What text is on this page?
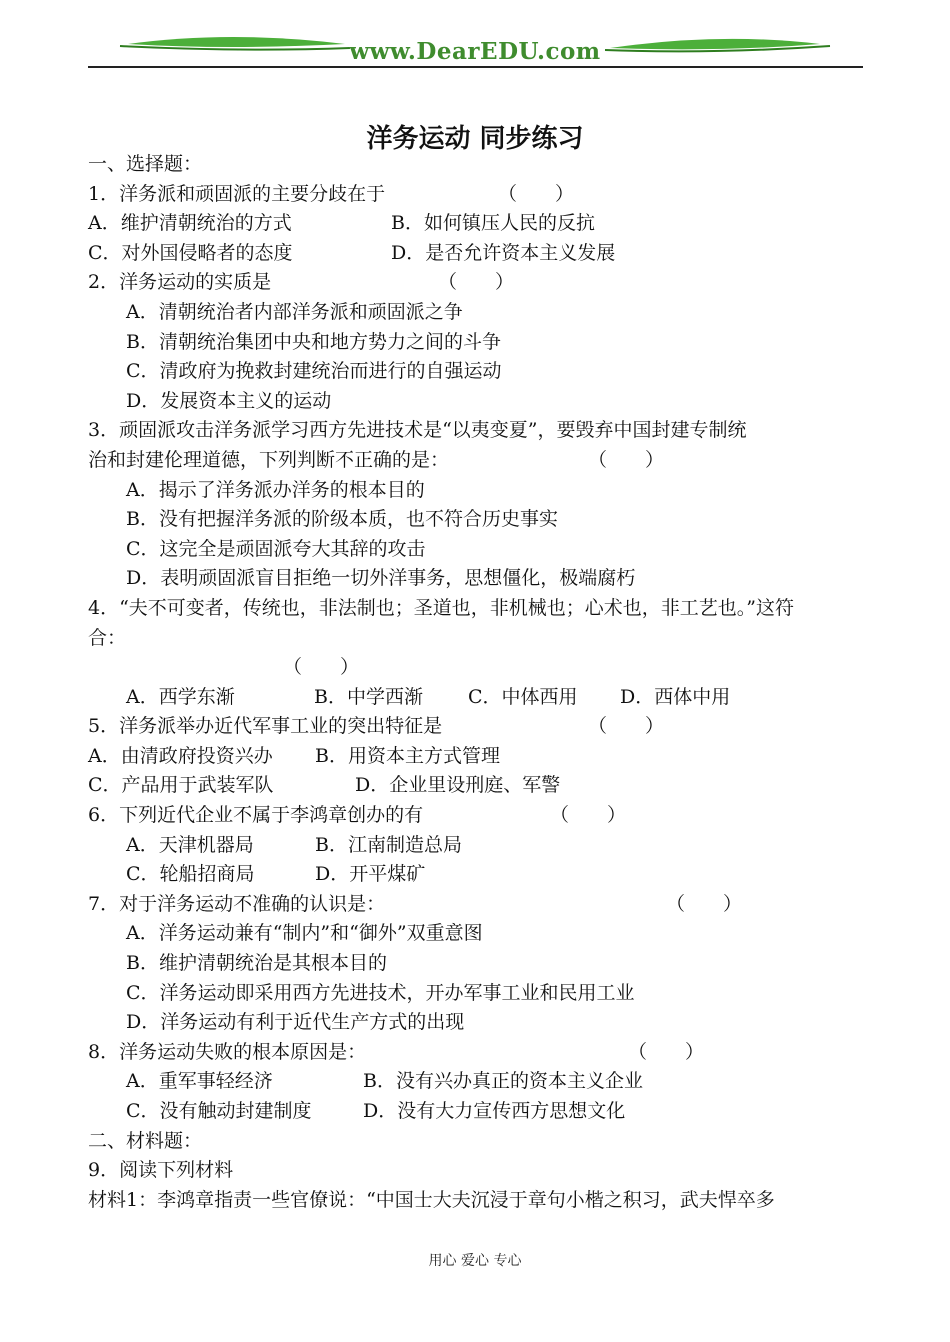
www.DearEDU.com
洋务运动 同步练习
一、选择题：
1．洋务派和顽固派的主要分歧在于	（　　）
A．维护清朝统治的方式	B．如何镇压人民的反抗
C．对外国侵略者的态度	D．是否允许资本主义发展
2．洋务运动的实质是	（　　）
A．清朝统治者内部洋务派和顽固派之争
B．清朝统治集团中央和地方势力之间的斗争
C．清政府为挽救封建统治而进行的自强运动
D．发展资本主义的运动
3．顽固派攻击洋务派学习西方先进技术是“以夷变夏”，要毁弃中国封建专制统
治和封建伦理道德，下列判断不正确的是：	（　　）
A．揭示了洋务派办洋务的根本目的
B．没有把握洋务派的阶级本质，也不符合历史事实
C．这完全是顽固派夸大其辞的攻击
D．表明顽固派盲目拒绝一切外洋事务，思想僵化，极端腐朽
4．“夫不可变者，传统也，非法制也；圣道也，非机械也；心术也，非工艺也。”这符
合：
（　　）
A．西学东渐	B．中学西渐 C．中体西用 D．西体中用
5．洋务派举办近代军事工业的突出特征是	（　　）
A．由清政府投资兴办 B．用资本主方式管理
C．产品用于武装军队	D．企业里设刑庭、军警
6．下列近代企业不属于李鸿章创办的有	（　　）
A．天津机器局	B．江南制造总局
C．轮船招商局	D．开平煤矿
7．对于洋务运动不准确的认识是：	（　　）
A．洋务运动兼有“制内”和“御外”双重意图
B．维护清朝统治是其根本目的
C．洋务运动即采用西方先进技术，开办军事工业和民用工业
D．洋务运动有利于近代生产方式的出现
8．洋务运动失败的根本原因是：	（　　）
A．重军事轻经济	B．没有兴办真正的资本主义企业
C．没有触动封建制度	D．没有大力宣传西方思想文化
二、材料题：
9．阅读下列材料
材料1：李鸿章指责一些官僚说：“中国士大夫沉浸于章句小楷之积习，武夫悍卒多
用心 爱心 专心
